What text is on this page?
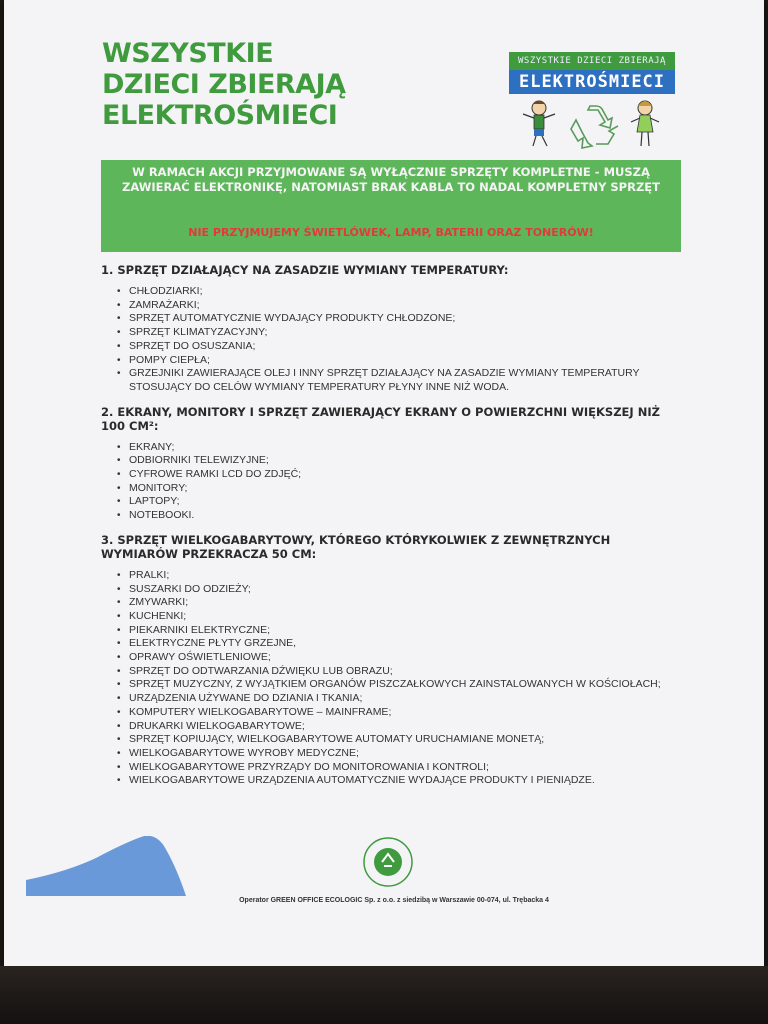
WSZYSTKIE
DZIECI ZBIERAJĄ
ELEKTROŚMIECI
WSZYSTKIE DZIECI ZBIERAJĄ
ELEKTROŚMIECI

W RAMACH AKCJI PRZYJMOWANE SĄ WYŁĄCZNIE SPRZĘTY KOMPLETNE - MUSZĄ ZAWIERAĆ ELEKTRONIKĘ, NATOMIAST BRAK KABLA TO NADAL KOMPLETNY SPRZĘT

NIE PRZYJMUJEMY ŚWIETLÓWEK, LAMP, BATERII ORAZ TONERÓW!

1. SPRZĘT DZIAŁAJĄCY NA ZASADZIE WYMIANY TEMPERATURY:
• CHŁODZIARKI;
• ZAMRAŻARKI;
• SPRZĘT AUTOMATYCZNIE WYDAJĄCY PRODUKTY CHŁODZONE;
• SPRZĘT KLIMATYZACYJNY;
• SPRZĘT DO OSUSZANIA;
• POMPY CIEPŁA;
• GRZEJNIKI ZAWIERAJĄCE OLEJ I INNY SPRZĘT DZIAŁAJĄCY NA ZASADZIE WYMIANY TEMPERATURY STOSUJĄCY DO CELÓW WYMIANY TEMPERATURY PŁYNY INNE NIŻ WODA.
2. EKRANY, MONITORY I SPRZĘT ZAWIERAJĄCY EKRANY O POWIERZCHNI WIĘKSZEJ NIŻ 100 CM²:
• EKRANY;
• ODBIORNIKI TELEWIZYJNE;
• CYFROWE RAMKI LCD DO ZDJĘĆ;
• MONITORY;
• LAPTOPY;
• NOTEBOOKI.
3. SPRZĘT WIELKOGABARYTOWY, KTÓREGO KTÓRYKOLWIEK Z ZEWNĘTRZNYCH WYMIARÓW PRZEKRACZA 50 CM:
• PRALKI;
• SUSZARKI DO ODZIEŻY;
• ZMYWARKI;
• KUCHENKI;
• PIEKARNIKI ELEKTRYCZNE;
• ELEKTRYCZNE PŁYTY GRZEJNE,
• OPRAWY OŚWIETLENIOWE;
• SPRZĘT DO ODTWARZANIA DŹWIĘKU LUB OBRAZU;
• SPRZĘT MUZYCZNY, Z WYJĄTKIEM ORGANÓW PISZCZAŁKOWYCH ZAINSTALOWANYCH W KOŚCIOŁACH;
• URZĄDZENIA UŻYWANE DO DZIANIA I TKANIA;
• KOMPUTERY WIELKOGABARYTOWE – MAINFRAME;
• DRUKARKI WIELKOGABARYTOWE;
• SPRZĘT KOPIUJĄCY, WIELKOGABARYTOWE AUTOMATY URUCHAMIANE MONETĄ;
• WIELKOGABARYTOWE WYROBY MEDYCZNE;
• WIELKOGABARYTOWE PRZYRZĄDY DO MONITOROWANIA I KONTROLI;
• WIELKOGABARYTOWE URZĄDZENIA AUTOMATYCZNIE WYDAJĄCE PRODUKTY I PIENIĄDZE.
Operator GREEN OFFICE ECOLOGIC Sp. z o.o. z siedzibą w Warszawie 00-074, ul. Trębacka 4
